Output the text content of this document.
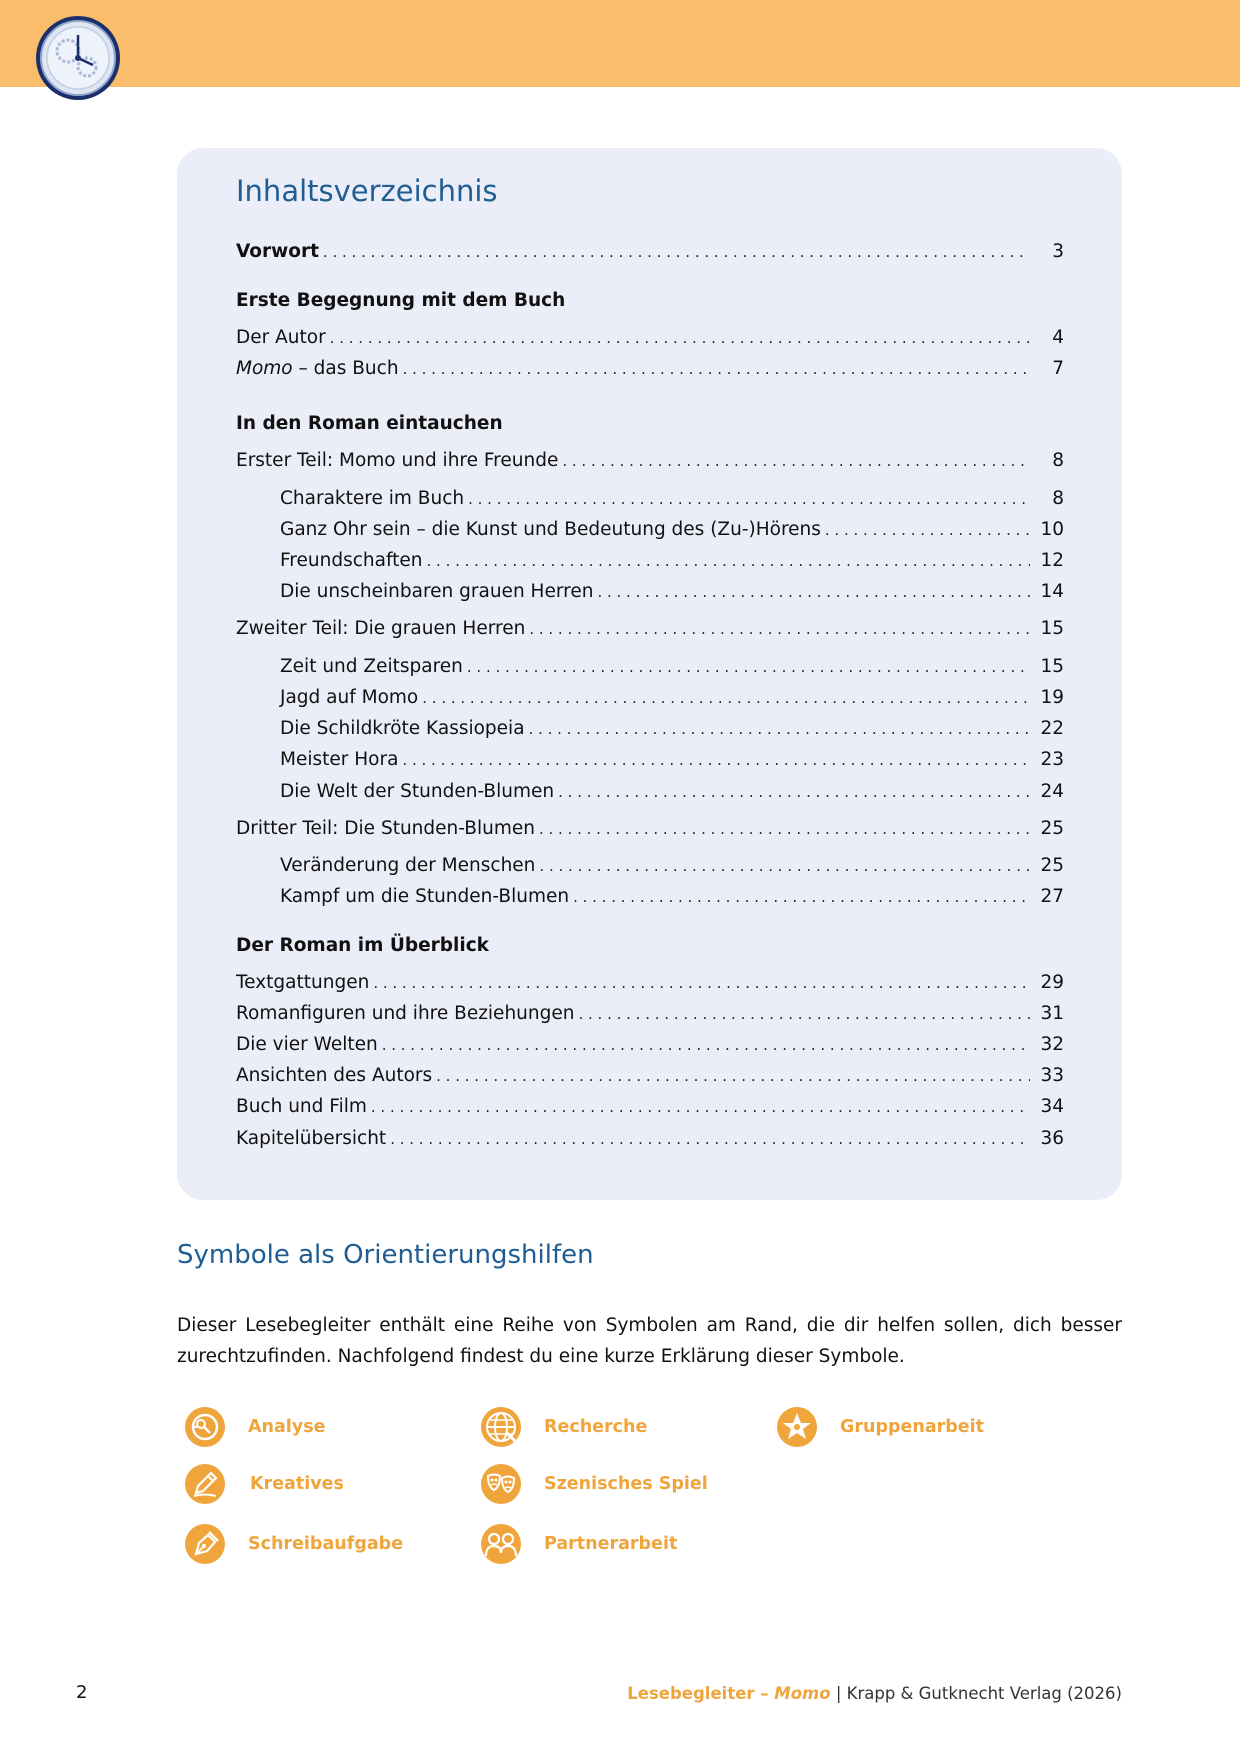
Inhaltsverzeichnis
Vorwort . . .	3
Erste Begegnung mit dem Buch
Der Autor . . .	4
Momo – das Buch . . .	7
In den Roman eintauchen
Erster Teil: Momo und ihre Freunde . . .	8
Charaktere im Buch . . .	8
Ganz Ohr sein – die Kunst und Bedeutung des (Zu-)Hörens . . .	10
Freundschaften . . .	12
Die unscheinbaren grauen Herren . . .	14
Zweiter Teil: Die grauen Herren . . .	15
Zeit und Zeitsparen . . .	15
Jagd auf Momo . . .	19
Die Schildkröte Kassiopeia . . .	22
Meister Hora . . .	23
Die Welt der Stunden-Blumen . . .	24
Dritter Teil: Die Stunden-Blumen . . .	25
Veränderung der Menschen . . .	25
Kampf um die Stunden-Blumen . . .	27
Der Roman im Überblick
Textgattungen . . .	29
Romanfiguren und ihre Beziehungen . . .	31
Die vier Welten . . .	32
Ansichten des Autors . . .	33
Buch und Film . . .	34
Kapitelübersicht . . .	36
Symbole als Orientierungshilfen

Dieser Lesebegleiter enthält eine Reihe von Symbolen am Rand, die dir helfen sollen, dich besser zurechtzufinden. Nachfolgend findest du eine kurze Erklärung dieser Symbole.

Analyse	Recherche	Gruppenarbeit
Kreatives	Szenisches Spiel
Schreibaufgabe	Partnerarbeit
2	Lesebegleiter – Momo | Krapp & Gutknecht Verlag (2026)
